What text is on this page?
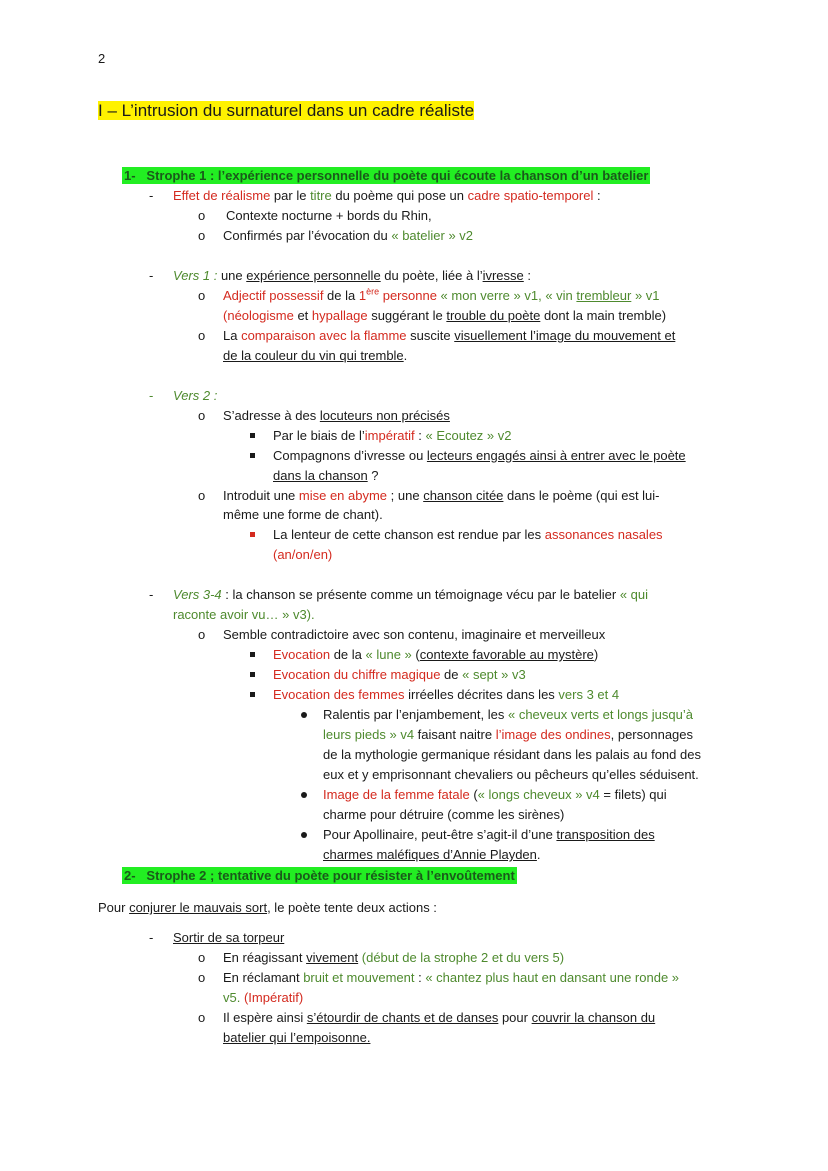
2
I – L’intrusion du surnaturel dans un cadre réaliste
1- Strophe 1 : l’expérience personnelle du poète qui écoute la chanson d’un batelier
- Effet de réalisme par le titre du poème qui pose un cadre spatio-temporel :
o Contexte nocturne + bords du Rhin,
o Confirmés par l’évocation du « batelier » v2
- Vers 1 : une expérience personnelle du poète, liée à l’ivresse :
o Adjectif possessif de la 1ère personne « mon verre » v1, « vin trembleur » v1
(néologisme et hypallage suggérant le trouble du poète dont la main tremble)
o La comparaison avec la flamme suscite visuellement l’image du mouvement et
de la couleur du vin qui tremble.
- Vers 2 :
o S’adresse à des locuteurs non précisés
Par le biais de l’impératif : « Ecoutez » v2
Compagnons d’ivresse ou lecteurs engagés ainsi à entrer avec le poète
dans la chanson ?
o Introduit une mise en abyme ; une chanson citée dans le poème (qui est lui-
même une forme de chant).
La lenteur de cette chanson est rendue par les assonances nasales
(an/on/en)
- Vers 3-4 : la chanson se présente comme un témoignage vécu par le batelier « qui
raconte avoir vu… » v3).
o Semble contradictoire avec son contenu, imaginaire et merveilleux
Evocation de la « lune » (contexte favorable au mystère)
Evocation du chiffre magique de « sept » v3
Evocation des femmes irréelles décrites dans les vers 3 et 4
Ralentis par l’enjambement, les « cheveux verts et longs jusqu’à
leurs pieds » v4 faisant naitre l’image des ondines, personnages
de la mythologie germanique résidant dans les palais au fond des
eux et y emprisonnant chevaliers ou pêcheurs qu’elles séduisent.
Image de la femme fatale (« longs cheveux » v4 = filets) qui
charme pour détruire (comme les sirènes)
Pour Apollinaire, peut-être s’agit-il d’une transposition des
charmes maléfiques d’Annie Playden.
2- Strophe 2 ; tentative du poète pour résister à l’envoûtement
Pour conjurer le mauvais sort, le poète tente deux actions :
- Sortir de sa torpeur
o En réagissant vivement (début de la strophe 2 et du vers 5)
o En réclamant bruit et mouvement : « chantez plus haut en dansant une ronde »
v5. (Impératif)
o Il espère ainsi s’étourdir de chants et de danses pour couvrir la chanson du
batelier qui l’empoisonne.
